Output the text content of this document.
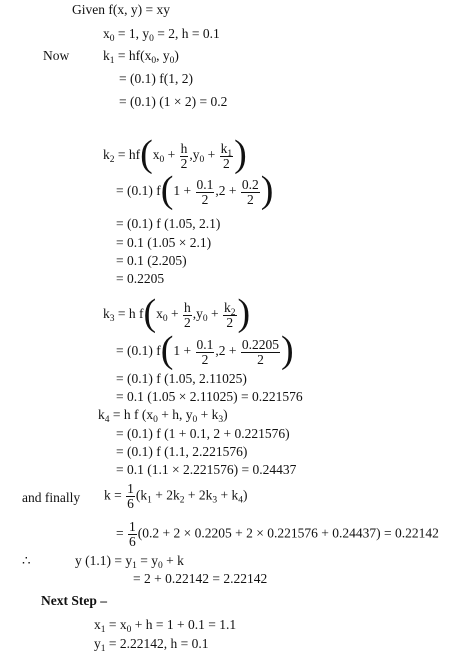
Given f(x, y) = xy
$x_0 = 1$, $y_0 = 2$, h = 0.1
Now	$k_1 = hf(x_0$, $y_0$)
= (0.1) f(1, 2)
= (0.1) (1 × 2) = 0.2
$k_2 = hf(x_0 + \frac{h}{2} ,y_0 + \frac{k_1}{2}$ )
= (0.1) $f(1 + \frac{0.1}{2} ,2 + \frac{0.2}{2}$ )
= (0.1) f (1.05, 2.1)
= 0.1 (1.05 × 2.1)
= 0.1 (2.205)
= 0.2205
$k_3 = h$ $f(x_0 + \frac{h}{2} ,y_0 + \frac{k_2}{2}$ )
= (0.1) $f(1 + \frac{0.1}{2} ,2 + \frac{0.2205}{2}$ )
= (0.1) f (1.05, 2.11025)
= 0.1 (1.05 × 2.11025) = 0.221576
$k_4 = h$ f ($x_0 + h$, $y_0 + k_3$)
= (0.1) f (1 + 0.1, 2 + 0.221576)
= (0.1) f (1.1, 2.221576)
= 0.1 (1.1 × 2.221576) = 0.24437
and finally $k = \frac{1}{6} (k_1 + 2k_2 + 2k_3 + k_4)$
= $\frac{1}{6} (0.2 + 2 \times 0.2205 + 2 \times 0.221576 + 0.24437) = 0.22142$
∴	y $(1.1) = y_1 = y_0 + k$
= 2 + 0.22142 = 2.22142
Next Step –
$x_1 = x_0 + h = 1 + 0.1 = 1.1$
$y_1 = 2.22142$, h = 0.1
